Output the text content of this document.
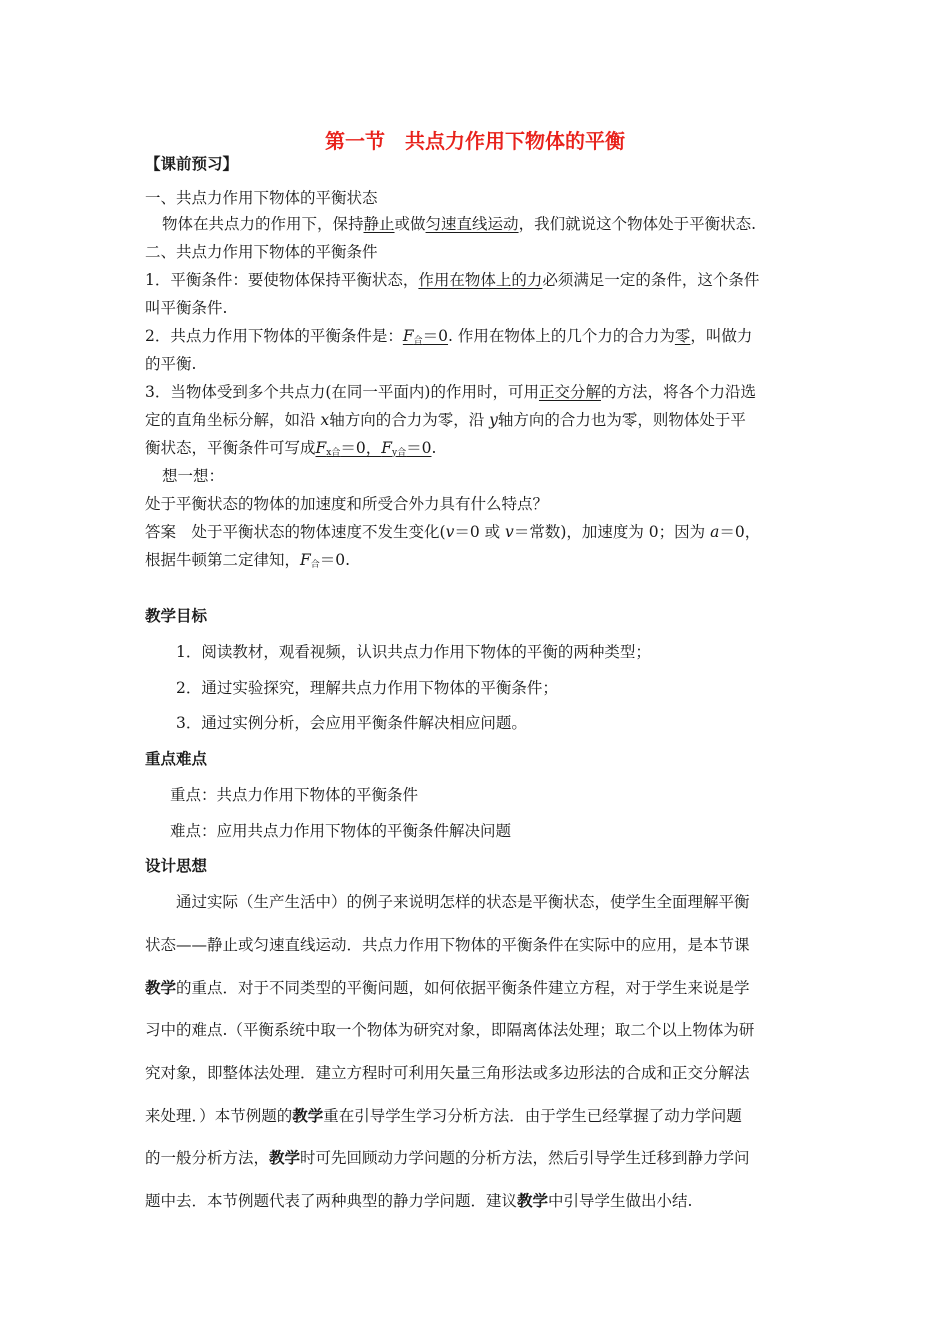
第一节　共点力作用下物体的平衡
【课前预习】
一、共点力作用下物体的平衡状态
物体在共点力的作用下，保持静止或做匀速直线运动，我们就说这个物体处于平衡状态.
二、共点力作用下物体的平衡条件
1．平衡条件：要使物体保持平衡状态，作用在物体上的力必须满足一定的条件，这个条件
叫平衡条件.
2．共点力作用下物体的平衡条件是：$F_合=0$. 作用在物体上的几个力的合力为零，叫做力
的平衡.
3．当物体受到多个共点力(在同一平面内)的作用时，可用正交分解的方法，将各个力沿选
定的直角坐标分解，如沿 x轴方向的合力为零，沿 y轴方向的合力也为零，则物体处于平
衡状态，平衡条件可写成$F_{x合}=0$，$F_{y合}=0$.
想一想：
处于平衡状态的物体的加速度和所受合外力具有什么特点？
答案　处于平衡状态的物体速度不发生变化(v＝0 或 v＝常数)，加速度为 0；因为 a＝0，
根据牛顿第二定律知，$F_合=0$.
教学目标
1．阅读教材，观看视频，认识共点力作用下物体的平衡的两种类型；
2．通过实验探究，理解共点力作用下物体的平衡条件；
3．通过实例分析，会应用平衡条件解决相应问题。
重点难点
重点：共点力作用下物体的平衡条件
难点：应用共点力作用下物体的平衡条件解决问题
设计思想
通过实际（生产生活中）的例子来说明怎样的状态是平衡状态，使学生全面理解平衡
状态——静止或匀速直线运动．共点力作用下物体的平衡条件在实际中的应用，是本节课
教学的重点．对于不同类型的平衡问题，如何依据平衡条件建立方程，对于学生来说是学
习中的难点.（平衡系统中取一个物体为研究对象，即隔离体法处理；取二个以上物体为研
究对象，即整体法处理．建立方程时可利用矢量三角形法或多边形法的合成和正交分解法
来处理．）本节例题的教学重在引导学生学习分析方法．由于学生已经掌握了动力学问题
的一般分析方法，教学时可先回顾动力学问题的分析方法，然后引导学生迁移到静力学问
题中去．本节例题代表了两种典型的静力学问题．建议教学中引导学生做出小结.
